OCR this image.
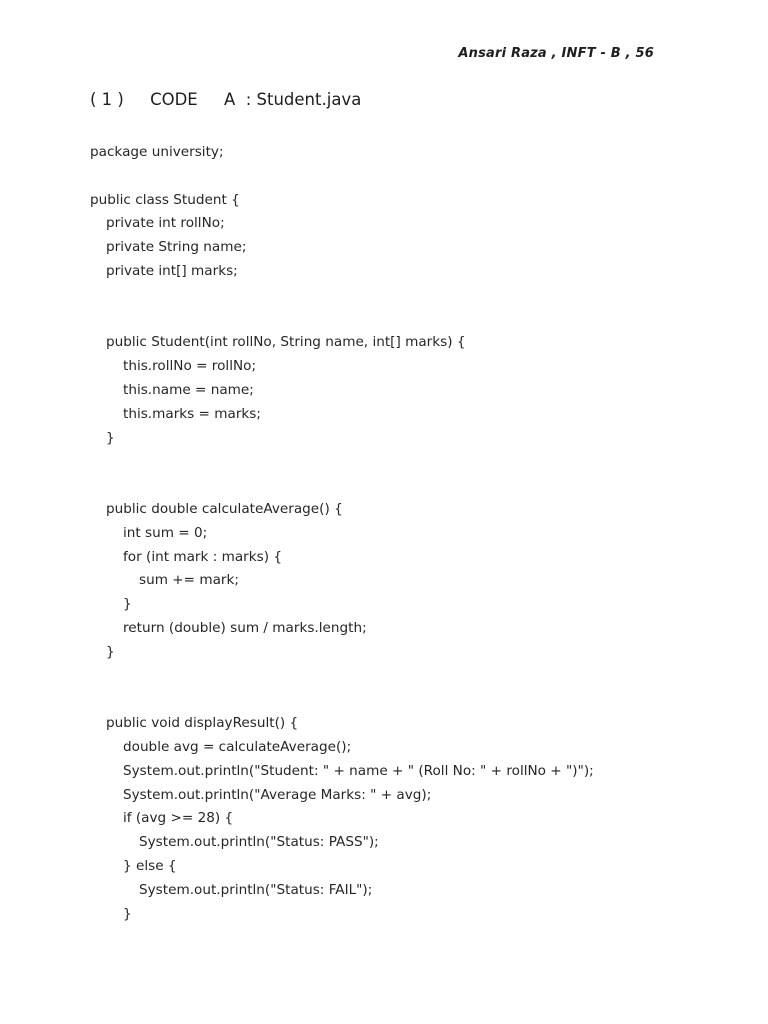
Ansari Raza , INFT - B , 56
( 1 )     CODE     A  : Student.java
package university;
public class Student {
private int rollNo;
private String name;
private int[] marks;
public Student(int rollNo, String name, int[] marks) {
this.rollNo = rollNo;
this.name = name;
this.marks = marks;
}
public double calculateAverage() {
int sum = 0;
for (int mark : marks) {
sum += mark;
}
return (double) sum / marks.length;
}
public void displayResult() {
double avg = calculateAverage();
System.out.println("Student: " + name + " (Roll No: " + rollNo + ")");
System.out.println("Average Marks: " + avg);
if (avg >= 28) {
System.out.println("Status: PASS");
} else {
System.out.println("Status: FAIL");
}
